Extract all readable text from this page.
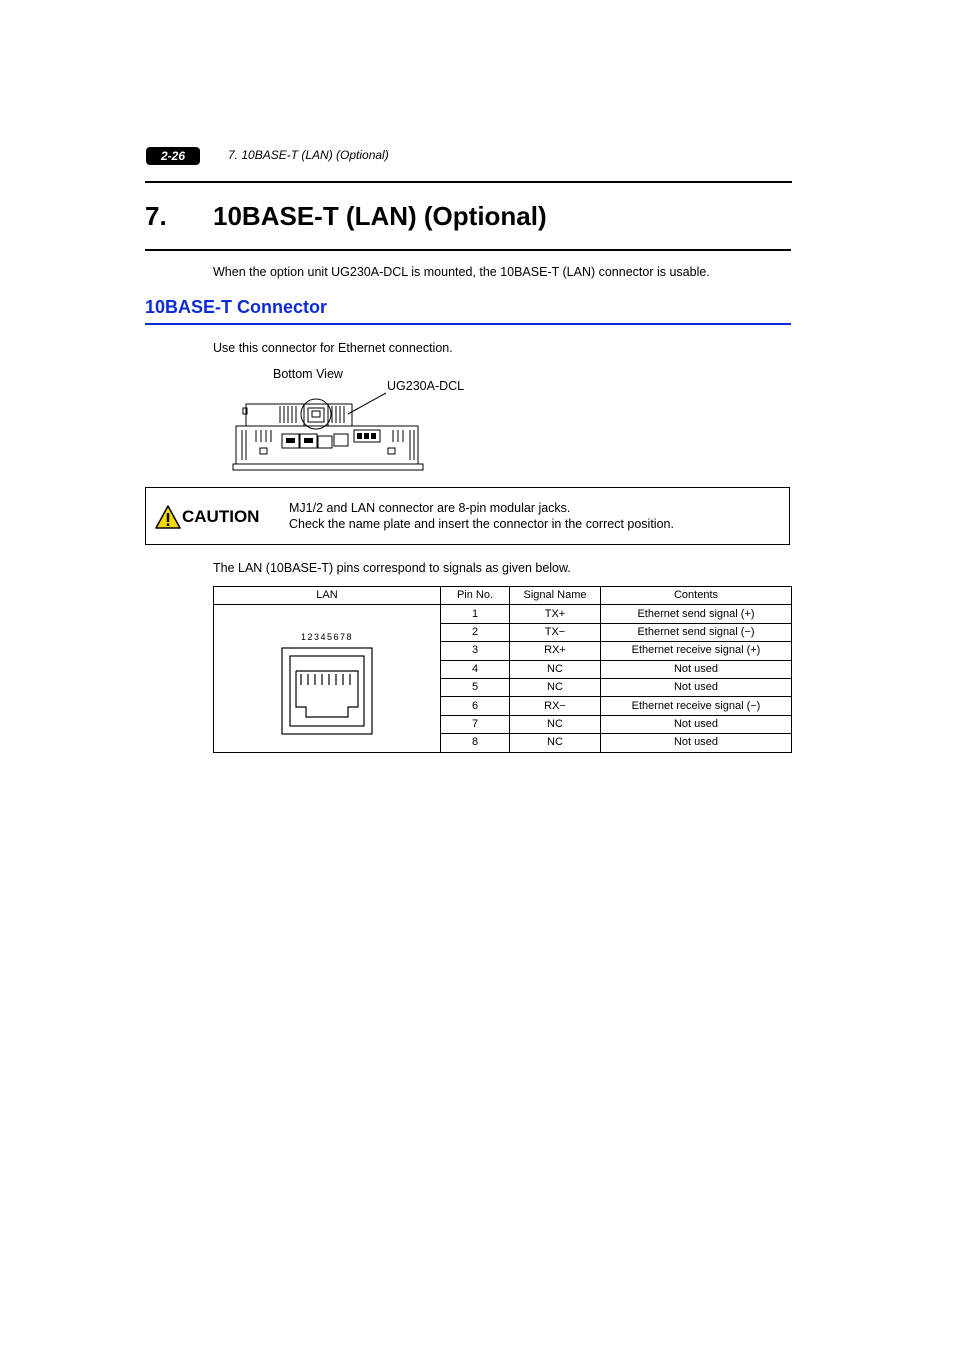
2-26	7. 10BASE-T (LAN) (Optional)
7. 10BASE-T (LAN) (Optional)

When the option unit UG230A-DCL is mounted, the 10BASE-T (LAN) connector is usable.

10BASE-T Connector

Use this connector for Ethernet connection.

Bottom View
UG230A-DCL
CAUTION MJ1/2 and LAN connector are 8-pin modular jacks.

Check the name plate and insert the connector in the correct position.

The LAN (10BASE-T) pins correspond to signals as given below.

LAN	Pin No.	Signal Name	Contents

12345678	1	TX+	Ethernet send signal (+)
	2	TX−	Ethernet send signal (−)
	3	RX+	Ethernet receive signal (+)
	4	NC	Not used
	5	NC	Not used
	6	RX−	Ethernet receive signal (−)
	7	NC	Not used
	8	NC	Not used
